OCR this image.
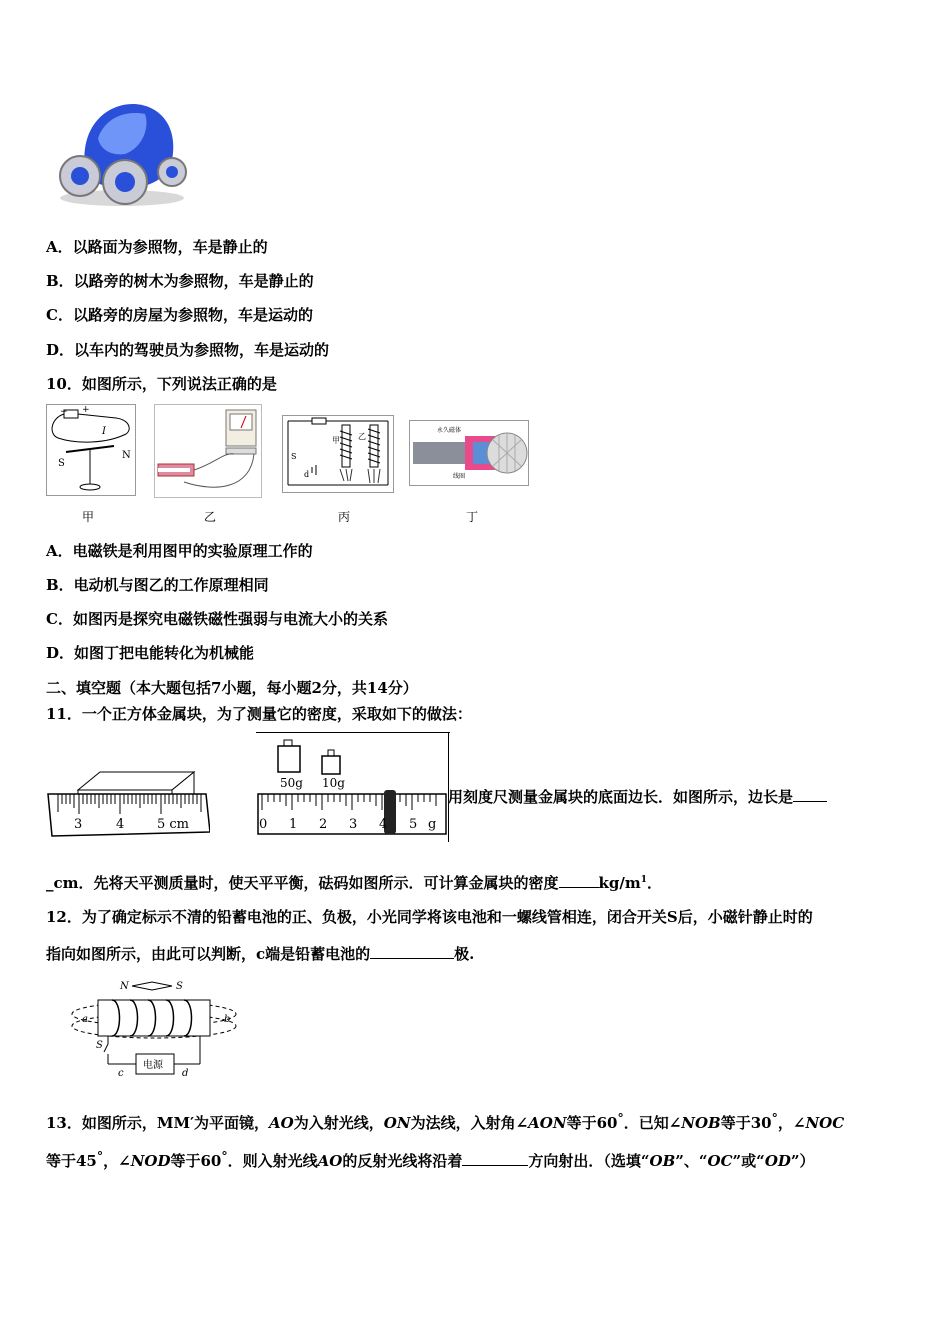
A．以路面为参照物，车是静止的
B．以路旁的树木为参照物，车是静止的
C．以路旁的房屋为参照物，车是运动的
D．以车内的驾驶员为参照物，车是运动的
10．如图所示，下列说法正确的是
− +
I
S
N	S
d
甲 乙
永久磁体
线圈
甲	乙	丙	丁
A．电磁铁是利用图甲的实验原理工作的
B．电动机与图乙的工作原理相同
C．如图丙是探究电磁铁磁性强弱与电流大小的关系
D．如图丁把电能转化为机械能
二、填空题（本大题包括7小题，每小题2分，共14分）
11．一个正方体金属块，为了测量它的密度，采取如下的做法：
3	4	5 cm
50g 10g
0 1 2 3 4 5 g
用刻度尺测量金属块的底面边长．如图所示，边长是
_cm．先将天平测质量时，使天平平衡，砝码如图所示．可计算金属块的密度	$kg/m^1$．
12．为了确定标示不清的铅蓄电池的正、负极，小光同学将该电池和一螺线管相连，闭合开关S后，小磁针静止时的
指向如图所示，由此可以判断，c端是铅蓄电池的	极.
N	S
a	b
S
电源
c	d
13．如图所示，MM′为平面镜，AO为入射光线，ON为法线，入射角∠AON等于60°．已知∠NOB等于30°，∠NOC
等于45°，∠NOD等于60°．则入射光线AO的反射光线将沿着	方向射出．（选填“OB”、“OC”或“OD”）
